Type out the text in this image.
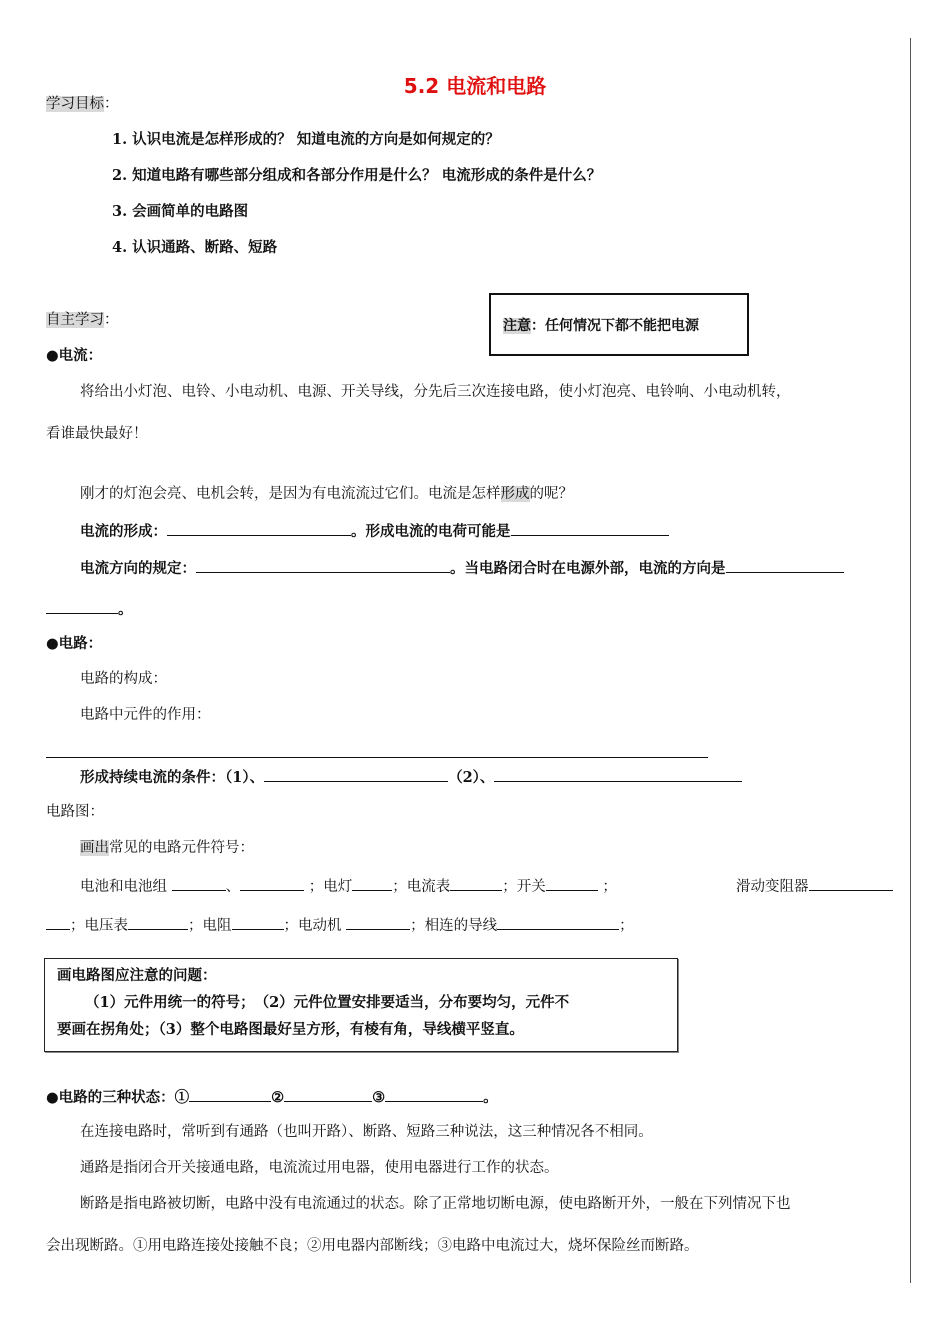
5.2 电流和电路
学习目标：
1. 认识电流是怎样形成的？ 知道电流的方向是如何规定的？
2. 知道电路有哪些部分组成和各部分作用是什么？ 电流形成的条件是什么？
3. 会画简单的电路图
4. 认识通路、断路、短路
自主学习：	注意：任何情况下都不能把电源
●电流：
将给出小灯泡、电铃、小电动机、电源、开关导线，分先后三次连接电路，使小灯泡亮、电铃响、小电动机转，
看谁最快最好！
刚才的灯泡会亮、电机会转，是因为有电流流过它们。电流是怎样形成的呢？
电流的形成：	。形成电流的电荷可能是
电流方向的规定：	。当电路闭合时在电源外部，电流的方向是
。
●电路：
电路的构成：
电路中元件的作用：
形成持续电流的条件：（1）、	（2）、
电路图：
画出常见的电路元件符号：
电池和电池组	、	；电灯	；电流表	；开关	；	滑动变阻器
；电压表	；电阻	；电动机	；相连的导线	；
画电路图应注意的问题：
（1）元件用统一的符号；　（2）元件位置安排要适当，分布要均匀，元件不
要画在拐角处；（3）整个电路图最好呈方形，有棱有角，导线横平竖直。
●电路的三种状态：①	②	③	。
在连接电路时，常听到有通路（也叫开路）、断路、短路三种说法，这三种情况各不相同。
通路是指闭合开关接通电路，电流流过用电器，使用电器进行工作的状态。
断路是指电路被切断，电路中没有电流通过的状态。除了正常地切断电源，使电路断开外，一般在下列情况下也
会出现断路。①用电路连接处接触不良；②用电器内部断线；③电路中电流过大，烧坏保险丝而断路。
